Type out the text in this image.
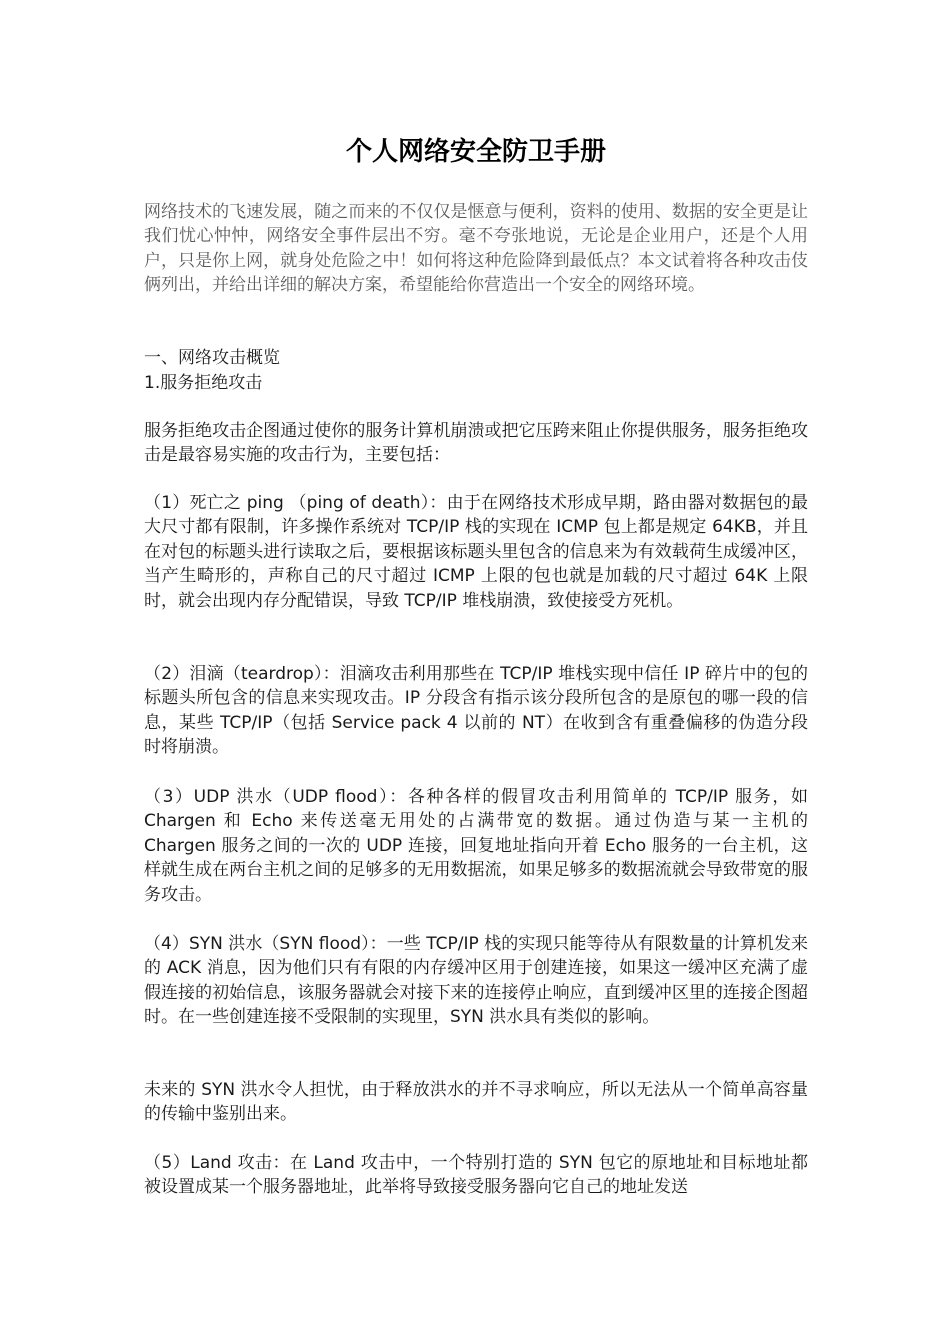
个人网络安全防卫手册

网络技术的飞速发展，随之而来的不仅仅是惬意与便利，资料的使用、数据的安全更是让我们忧心忡忡，网络安全事件层出不穷。毫不夸张地说，无论是企业用户，还是个人用户，只是你上网，就身处危险之中！如何将这种危险降到最低点？本文试着将各种攻击伎俩列出，并给出详细的解决方案，希望能给你营造出一个安全的网络环境。

一、网络攻击概览

1.服务拒绝攻击

服务拒绝攻击企图通过使你的服务计算机崩溃或把它压跨来阻止你提供服务，服务拒绝攻击是最容易实施的攻击行为，主要包括：

（1）死亡之 ping （ping of death）：由于在网络技术形成早期，路由器对数据包的最大尺寸都有限制，许多操作系统对 TCP/IP 栈的实现在 ICMP 包上都是规定 64KB，并且在对包的标题头进行读取之后，要根据该标题头里包含的信息来为有效载荷生成缓冲区，当产生畸形的，声称自己的尺寸超过 ICMP 上限的包也就是加载的尺寸超过 64K 上限时，就会出现内存分配错误，导致 TCP/IP 堆栈崩溃，致使接受方死机。

（2）泪滴（teardrop）：泪滴攻击利用那些在 TCP/IP 堆栈实现中信任 IP 碎片中的包的标题头所包含的信息来实现攻击。IP 分段含有指示该分段所包含的是原包的哪一段的信息，某些 TCP/IP（包括 Service pack 4 以前的 NT）在收到含有重叠偏移的伪造分段时将崩溃。

（3）UDP 洪水（UDP flood）：各种各样的假冒攻击利用简单的 TCP/IP 服务，如 Chargen 和 Echo 来传送毫无用处的占满带宽的数据。通过伪造与某一主机的 Chargen 服务之间的一次的 UDP 连接，回复地址指向开着 Echo 服务的一台主机，这样就生成在两台主机之间的足够多的无用数据流，如果足够多的数据流就会导致带宽的服务攻击。

（4）SYN 洪水（SYN flood）：一些 TCP/IP 栈的实现只能等待从有限数量的计算机发来的 ACK 消息，因为他们只有有限的内存缓冲区用于创建连接，如果这一缓冲区充满了虚假连接的初始信息，该服务器就会对接下来的连接停止响应，直到缓冲区里的连接企图超时。在一些创建连接不受限制的实现里，SYN 洪水具有类似的影响。

未来的 SYN 洪水令人担忧，由于释放洪水的并不寻求响应，所以无法从一个简单高容量的传输中鉴别出来。

（5）Land 攻击：在 Land 攻击中，一个特别打造的 SYN 包它的原地址和目标地址都被设置成某一个服务器地址，此举将导致接受服务器向它自己的地址发送
